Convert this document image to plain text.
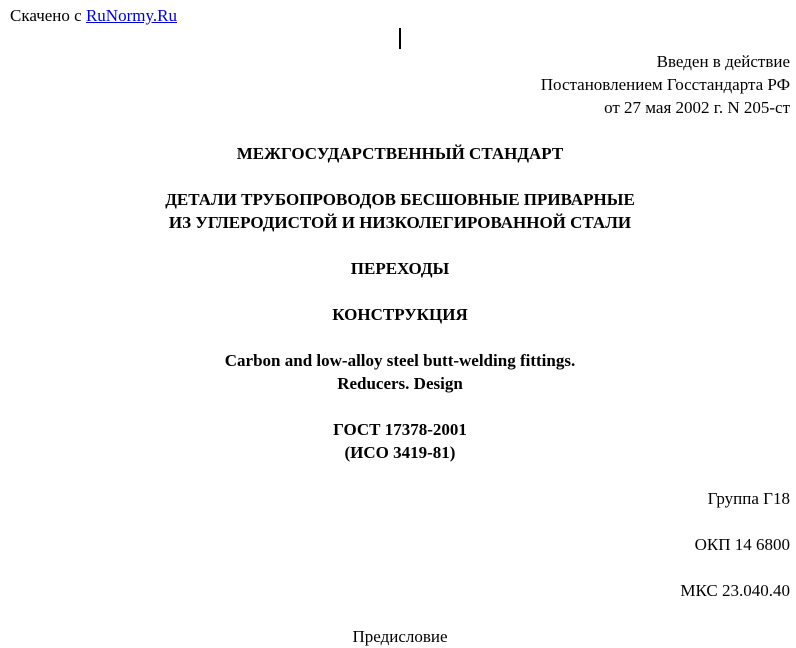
Скачено с RuNormy.Ru
Введен в действие
Постановлением Госстандарта РФ
от 27 мая 2002 г. N 205-ст
МЕЖГОСУДАРСТВЕННЫЙ СТАНДАРТ
ДЕТАЛИ ТРУБОПРОВОДОВ БЕСШОВНЫЕ ПРИВАРНЫЕ
ИЗ УГЛЕРОДИСТОЙ И НИЗКОЛЕГИРОВАННОЙ СТАЛИ
ПЕРЕХОДЫ
КОНСТРУКЦИЯ
Carbon and low-alloy steel butt-welding fittings.
Reducers. Design
ГОСТ 17378-2001
(ИСО 3419-81)
Группа Г18
ОКП 14 6800
МКС 23.040.40
Предисловие
